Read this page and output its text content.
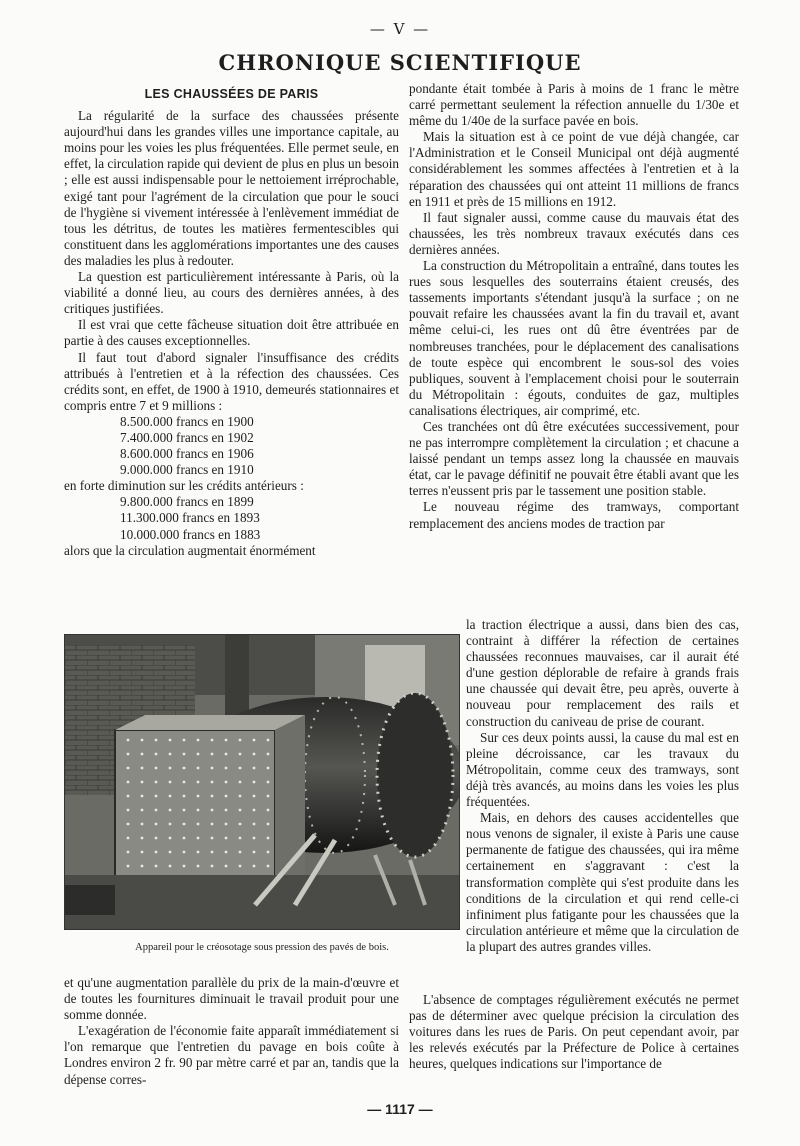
— V —
CHRONIQUE SCIENTIFIQUE
LES CHAUSSÉES DE PARIS

La régularité de la surface des chaussées présente aujourd'hui dans les grandes villes une importance capitale, au moins pour les voies les plus fréquentées. Elle permet seule, en effet, la circulation rapide qui devient de plus en plus un besoin ; elle est aussi indispensable pour le nettoiement irréprochable, exigé tant pour l'agrément de la circulation que pour le souci de l'hygiène si vivement intéressée à l'enlèvement immédiat de tous les détritus, de toutes les matières fermentescibles qui constituent dans les agglomérations importantes une des causes des maladies les plus à redouter.

La question est particulièrement intéressante à Paris, où la viabilité a donné lieu, au cours des dernières années, à des critiques justifiées.

Il est vrai que cette fâcheuse situation doit être attribuée en partie à des causes exceptionnelles.

Il faut tout d'abord signaler l'insuffisance des crédits attribués à l'entretien et à la réfection des chaussées. Ces crédits sont, en effet, de 1900 à 1910, demeurés stationnaires et compris entre 7 et 9 millions :

8.500.000 francs en 1900
7.400.000 francs en 1902
8.600.000 francs en 1906
9.000.000 francs en 1910

en forte diminution sur les crédits antérieurs :

9.800.000 francs en 1899
11.300.000 francs en 1893
10.000.000 francs en 1883

alors que la circulation augmentait énormément

Appareil pour le créosotage sous pression des pavés de bois.

et qu'une augmentation parallèle du prix de la main-d'œuvre et de toutes les fournitures diminuait le travail produit pour une somme donnée.

L'exagération de l'économie faite apparaît immédiatement si l'on remarque que l'entretien du pavage en bois coûte à Londres environ 2 fr. 90 par mètre carré et par an, tandis que la dépense corres-

pondante était tombée à Paris à moins de 1 franc le mètre carré permettant seulement la réfection annuelle du 1/30e et même du 1/40e de la surface pavée en bois.

Mais la situation est à ce point de vue déjà changée, car l'Administration et le Conseil Municipal ont déjà augmenté considérablement les sommes affectées à l'entretien et à la réparation des chaussées qui ont atteint 11 millions de francs en 1911 et près de 15 millions en 1912.

Il faut signaler aussi, comme cause du mauvais état des chaussées, les très nombreux travaux exécutés dans ces dernières années.

La construction du Métropolitain a entraîné, dans toutes les rues sous lesquelles des souterrains étaient creusés, des tassements importants s'étendant jusqu'à la surface ; on ne pouvait refaire les chaussées avant la fin du travail et, avant même celui-ci, les rues ont dû être éventrées par de nombreuses tranchées, pour le déplacement des canalisations de toute espèce qui encombrent le sous-sol des voies publiques, souvent à l'emplacement choisi pour le souterrain du Métropolitain : égouts, conduites de gaz, multiples canalisations électriques, air comprimé, etc.

Ces tranchées ont dû être exécutées successivement, pour ne pas interrompre complètement la circulation ; et chacune a laissé pendant un temps assez long la chaussée en mauvais état, car le pavage définitif ne pouvait être établi avant que les terres n'eussent pris par le tassement une position stable.

Le nouveau régime des tramways, comportant remplacement des anciens modes de traction par

la traction électrique a aussi, dans bien des cas, contraint à différer la réfection de certaines chaussées reconnues mauvaises, car il aurait été d'une gestion déplorable de refaire à grands frais une chaussée qui devait être, peu après, ouverte à nouveau pour remplacement des rails et construction du caniveau de prise de courant.

Sur ces deux points aussi, la cause du mal est en pleine décroissance, car les travaux du Métropolitain, comme ceux des tramways, sont déjà très avancés, au moins dans les voies les plus fréquentées.

Mais, en dehors des causes accidentelles que nous venons de signaler, il existe à Paris une cause permanente de fatigue des chaussées, qui ira même certainement en s'aggravant : c'est la transformation complète qui s'est produite dans les conditions de la circulation et qui rend celle-ci infiniment plus fatigante pour les chaussées que la circulation antérieure et même que la circulation de la plupart des autres grandes villes.

L'absence de comptages régulièrement exécutés ne permet pas de déterminer avec quelque précision la circulation des voitures dans les rues de Paris. On peut cependant avoir, par les relevés exécutés par la Préfecture de Police à certaines heures, quelques indications sur l'importance de

— 1117 —
